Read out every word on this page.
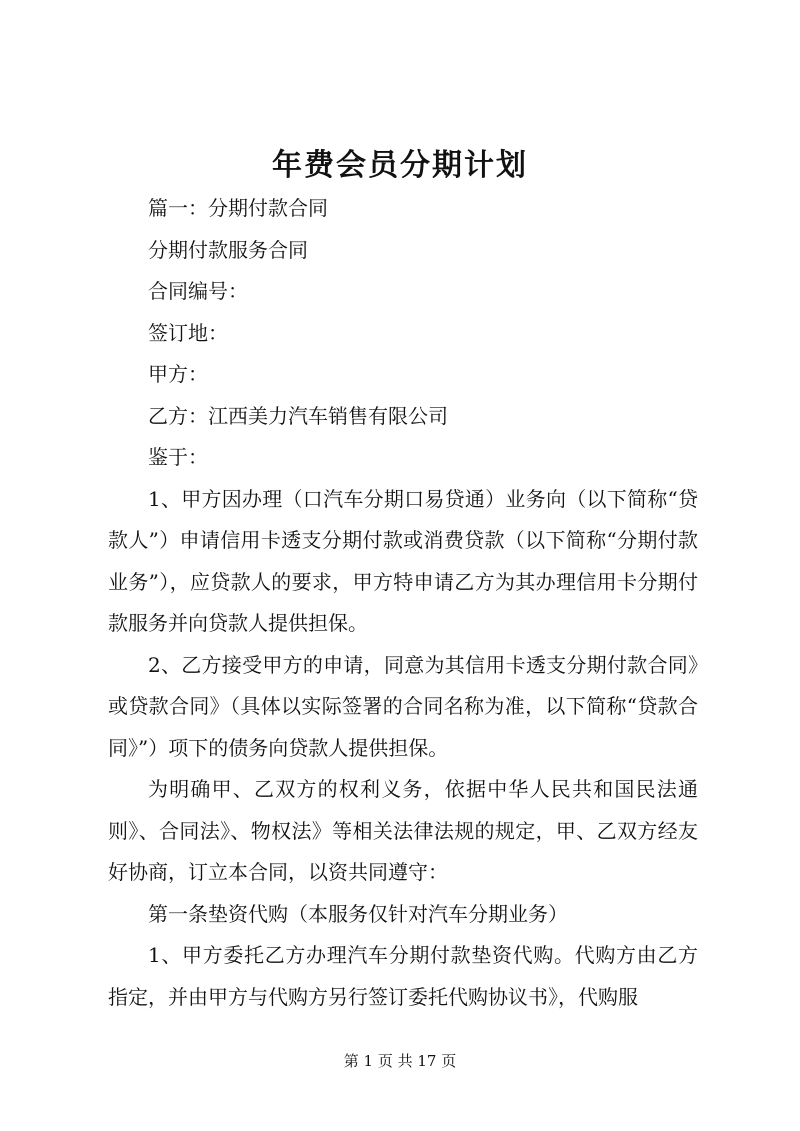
年费会员分期计划

篇一：分期付款合同

分期付款服务合同

合同编号：

签订地：

甲方：

乙方：江西美力汽车销售有限公司

鉴于：

1、甲方因办理（口汽车分期口易贷通）业务向（以下简称“贷款人”）申请信用卡透支分期付款或消费贷款（以下简称“分期付款业务”），应贷款人的要求，甲方特申请乙方为其办理信用卡分期付款服务并向贷款人提供担保。

2、乙方接受甲方的申请，同意为其信用卡透支分期付款合同》或贷款合同》（具体以实际签署的合同名称为准，以下简称“贷款合同》”）项下的债务向贷款人提供担保。

为明确甲、乙双方的权利义务，依据中华人民共和国民法通则》、合同法》、物权法》等相关法律法规的规定，甲、乙双方经友好协商，订立本合同，以资共同遵守：

第一条垫资代购（本服务仅针对汽车分期业务）

1、甲方委托乙方办理汽车分期付款垫资代购。代购方由乙方指定，并由甲方与代购方另行签订委托代购协议书》，代购服

第 1 页 共 17 页
